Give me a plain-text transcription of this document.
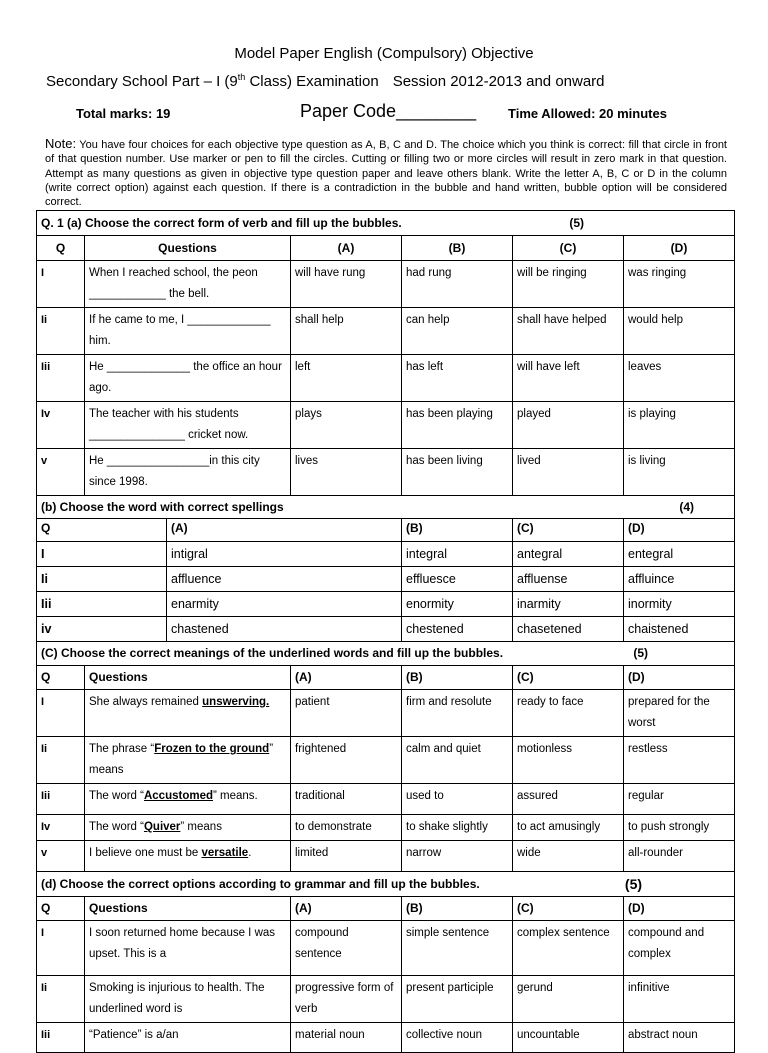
Model Paper English (Compulsory) Objective
Secondary School Part – I (9th Class) Examination Session 2012-2013 and onward
Total marks: 19	Paper Code________ Time Allowed: 20 minutes
Note: You have four choices for each objective type question as A, B, C and D. The choice which you think is correct: fill that circle in front of that question number. Use marker or pen to fill the circles. Cutting or filling two or more circles will result in zero mark in that question. Attempt as many questions as given in objective type question paper and leave others blank. Write the letter A, B, C or D in the column (write correct option) against each question. If there is a contradiction in the bubble and hand written, bubble option will be considered correct.
Q. 1 (a) Choose the correct form of verb and fill up the bubbles. (5)						

Q	Questions		(A)	(B)	(C)	(D)
I	When I reached school, the peon ____________ the bell.		will have rung	had rung	will be ringing	was ringing
Ii	If he came to me, I _____________ him.		shall help	can help	shall have helped	would help
Iii	He _____________ the office an hour ago.		left	has left	will have left	leaves
Iv	The teacher with his students _______________ cricket now.		plays	has been playing	played	is playing
v	He ________________in this city since 1998.		lives	has been living	lived	is living
(b) Choose the word with correct spellings (4)						

Q		(A)		(B)	(C)	(D)
I		intigral		integral	antegral	entegral
Ii		affluence		effluesce	affluense	affluince
Iii		enarmity		enormity	inarmity	inormity
iv		chastened		chestened	chasetened	chaistened
(C) Choose the correct meanings of the underlined words and fill up the bubbles. (5)						

Q	Questions		(A)	(B)	(C)	(D)
I	She always remained unswerving.		patient	firm and resolute	ready to face	prepared for the worst
Ii	The phrase “Frozen to the ground” means		frightened	calm and quiet	motionless	restless
Iii	The word “Accustomed” means.		traditional	used to	assured	regular
Iv	The word “Quiver” means		to demonstrate	to shake slightly	to act amusingly	to push strongly
v	I believe one must be versatile.		limited	narrow	wide	all-rounder
(d) Choose the correct options according to grammar and fill up the bubbles. (5)						

Q	Questions		(A)	(B)	(C)	(D)
I	I soon returned home because I was upset. This is a		compound sentence	simple sentence	complex sentence	compound and complex
Ii	Smoking is injurious to health. The underlined word is		progressive form of verb	present participle	gerund	infinitive
Iii	“Patience” is a/an		material noun	collective noun	uncountable	abstract noun
